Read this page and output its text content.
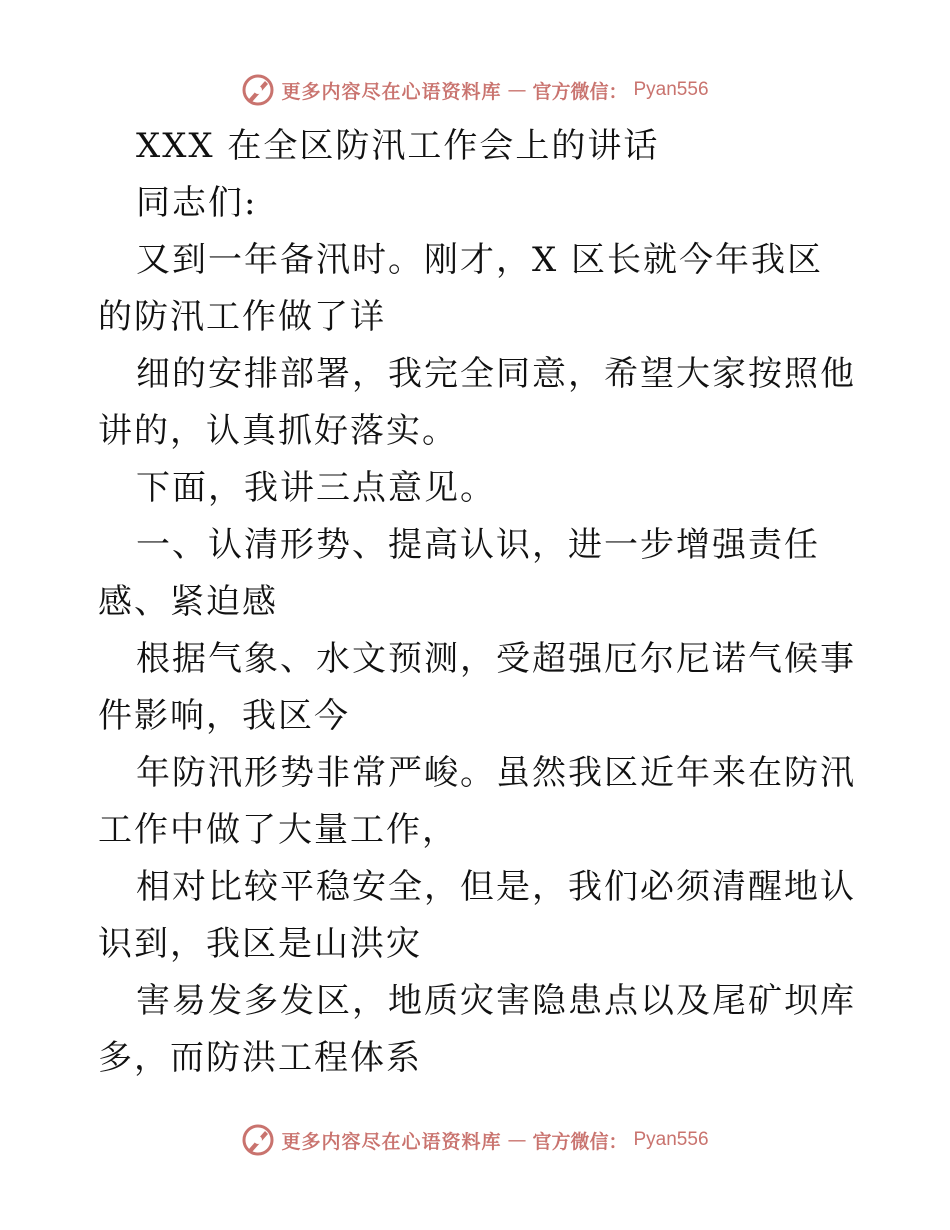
更多内容尽在心语资料库 — 官方微信： Pyan556

XXX 在全区防汛工作会上的讲话

同志们:

又到一年备汛时。刚才，X 区长就今年我区的防汛工作做了详

细的安排部署，我完全同意，希望大家按照他讲的，认真抓好落实。

下面，我讲三点意见。

一、认清形势、提高认识，进一步增强责任感、紧迫感

根据气象、水文预测，受超强厄尔尼诺气候事件影响，我区今

年防汛形势非常严峻。虽然我区近年来在防汛工作中做了大量工作，

相对比较平稳安全，但是，我们必须清醒地认识到，我区是山洪灾

害易发多发区，地质灾害隐患点以及尾矿坝库多，而防洪工程体系

更多内容尽在心语资料库 — 官方微信： Pyan556
